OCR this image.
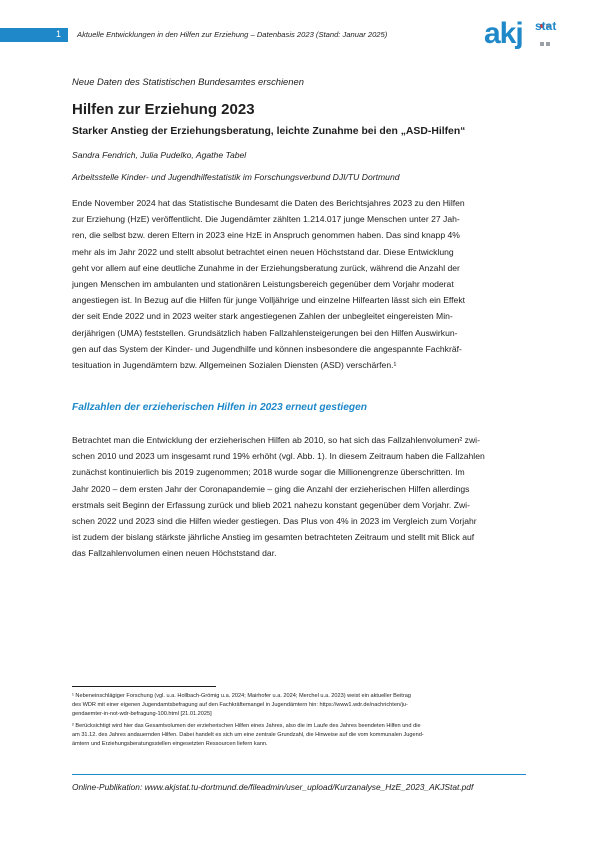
1 Aktuelle Entwicklungen in den Hilfen zur Erziehung – Datenbasis 2023 (Stand: Januar 2025)	akj stat
Neue Daten des Statistischen Bundesamtes erschienen
Hilfen zur Erziehung 2023
Starker Anstieg der Erziehungsberatung, leichte Zunahme bei den „ASD-Hilfen“
Sandra Fendrich, Julia Pudelko, Agathe Tabel
Arbeitsstelle Kinder- und Jugendhilfestatistik im Forschungsverbund DJI/TU Dortmund
Ende November 2024 hat das Statistische Bundesamt die Daten des Berichtsjahres 2023 zu den Hilfen
zur Erziehung (HzE) veröffentlicht. Die Jugendämter zählten 1.214.017 junge Menschen unter 27 Jah-
ren, die selbst bzw. deren Eltern in 2023 eine HzE in Anspruch genommen haben. Das sind knapp 4%
mehr als im Jahr 2022 und stellt absolut betrachtet einen neuen Höchststand dar. Diese Entwicklung
geht vor allem auf eine deutliche Zunahme in der Erziehungsberatung zurück, während die Anzahl der
jungen Menschen im ambulanten und stationären Leistungsbereich gegenüber dem Vorjahr moderat
angestiegen ist. In Bezug auf die Hilfen für junge Volljährige und einzelne Hilfearten lässt sich ein Effekt
der seit Ende 2022 und in 2023 weiter stark angestiegenen Zahlen der unbegleitet eingereisten Min-
derjährigen (UMA) feststellen. Grundsätzlich haben Fallzahlensteigerungen bei den Hilfen Auswirkun-
gen auf das System der Kinder- und Jugendhilfe und können insbesondere die angespannte Fachkräf-
tesituation in Jugendämtern bzw. Allgemeinen Sozialen Diensten (ASD) verschärfen.¹
Fallzahlen der erzieherischen Hilfen in 2023 erneut gestiegen
Betrachtet man die Entwicklung der erzieherischen Hilfen ab 2010, so hat sich das Fallzahlenvolumen² zwi-
schen 2010 und 2023 um insgesamt rund 19% erhöht (vgl. Abb. 1). In diesem Zeitraum haben die Fallzahlen
zunächst kontinuierlich bis 2019 zugenommen; 2018 wurde sogar die Millionengrenze überschritten. Im
Jahr 2020 – dem ersten Jahr der Coronapandemie – ging die Anzahl der erzieherischen Hilfen allerdings
erstmals seit Beginn der Erfassung zurück und blieb 2021 nahezu konstant gegenüber dem Vorjahr. Zwi-
schen 2022 und 2023 sind die Hilfen wieder gestiegen. Das Plus von 4% in 2023 im Vergleich zum Vorjahr
ist zudem der bislang stärkste jährliche Anstieg im gesamten betrachteten Zeitraum und stellt mit Blick auf
das Fallzahlenvolumen einen neuen Höchststand dar.
¹ Nebeneinschlägiger Forschung (vgl. u.a. Hollbach-Grömig u.a. 2024; Mairhofer u.a. 2024; Merchel u.a. 2023) weist ein aktueller Beitrag
des WDR mit einer eigenen Jugendamtsbefragung auf den Fachkräftemangel in Jugendämtern hin: https://www1.wdr.de/nachrichten/ju-
gendaemter-in-not-wdr-befragung-100.html [21.01.2025]
² Berücksichtigt wird hier das Gesamtvolumen der erzieherischen Hilfen eines Jahres, also die im Laufe des Jahres beendeten Hilfen und die
am 31.12. des Jahres andauernden Hilfen. Dabei handelt es sich um eine zentrale Grundzahl, die Hinweise auf die vom kommunalen Jugend-
ämtern und Erziehungsberatungsstellen eingesetzten Ressourcen liefern kann.
Online-Publikation: www.akjstat.tu-dortmund.de/fileadmin/user_upload/Kurzanalyse_HzE_2023_AKJStat.pdf
